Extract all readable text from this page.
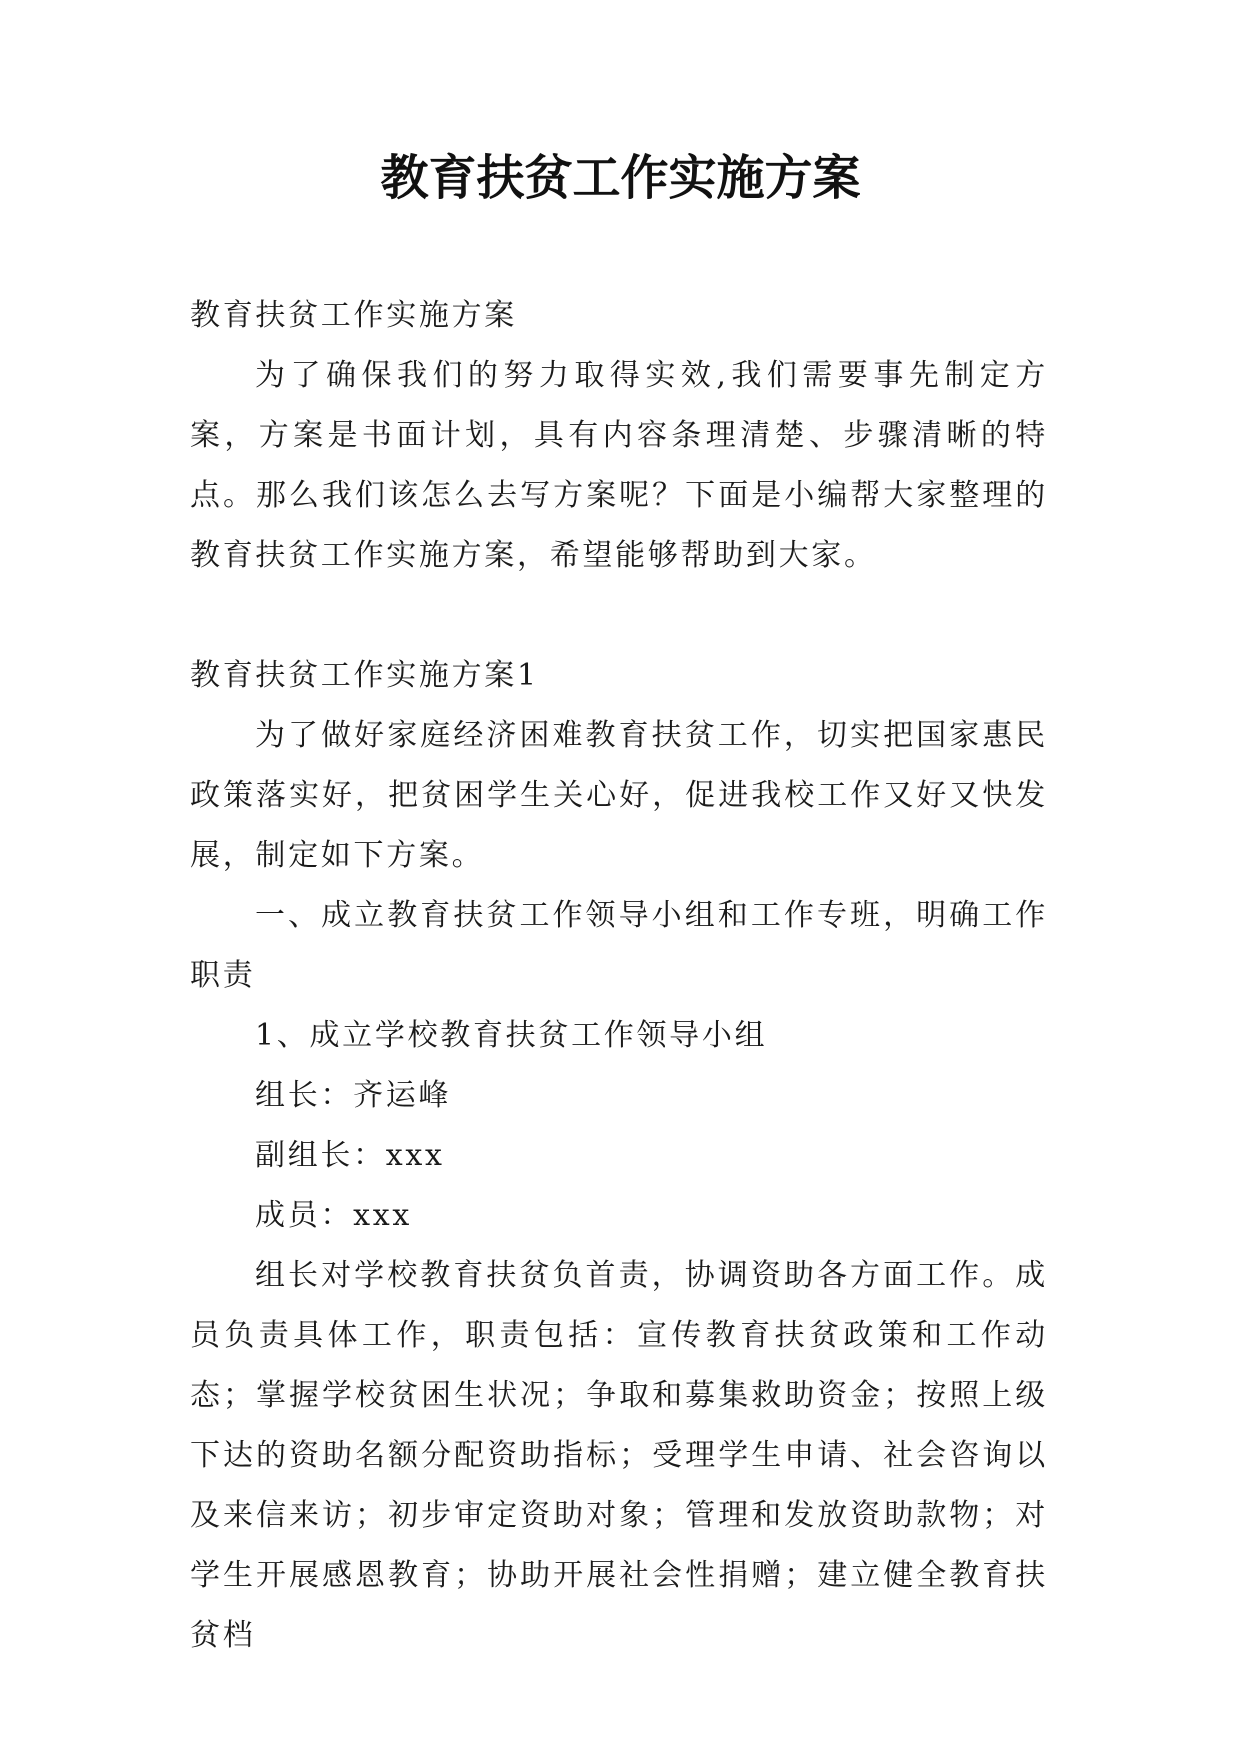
教育扶贫工作实施方案

教育扶贫工作实施方案

为了确保我们的努力取得实效,我们需要事先制定方案，方案是书面计划，具有内容条理清楚、步骤清晰的特点。那么我们该怎么去写方案呢？下面是小编帮大家整理的教育扶贫工作实施方案，希望能够帮助到大家。

教育扶贫工作实施方案1

为了做好家庭经济困难教育扶贫工作，切实把国家惠民政策落实好，把贫困学生关心好，促进我校工作又好又快发展，制定如下方案。

一、成立教育扶贫工作领导小组和工作专班，明确工作职责

1、成立学校教育扶贫工作领导小组

组长：齐运峰

副组长：xxx

成员：xxx

组长对学校教育扶贫负首责，协调资助各方面工作。成员负责具体工作，职责包括：宣传教育扶贫政策和工作动态；掌握学校贫困生状况；争取和募集救助资金；按照上级下达的资助名额分配资助指标；受理学生申请、社会咨询以及来信来访；初步审定资助对象；管理和发放资助款物；对学生开展感恩教育；协助开展社会性捐赠；建立健全教育扶贫档
